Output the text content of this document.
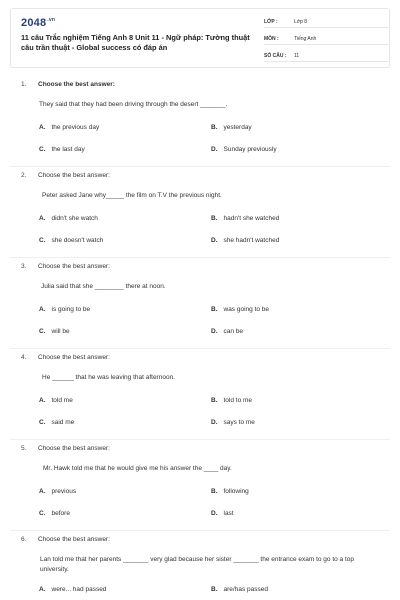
$2048^{.vn}$
11 câu Trắc nghiệm Tiếng Anh 8 Unit 11 - Ngữ pháp: Tường thuật câu trần thuật - Global success có đáp án
LỚP :	Lớp 8
MÔN :	Tiếng Anh
SỐ CÂU : 11
1. Choose the best answer:
They said that they had been driving through the desert _______.
A. the previous day	B. yesterday
C. the last day	D. Sunday previously
2. Choose the best answer:
Peter asked Jane why_____ the film on T.V the previous night.
A. didn't she watch	B. hadn't she watched
C. she doesn't watch	D. she hadn't watched
3. Choose the best answer:
Julia said that she ________ there at noon.
A. is going to be	B. was going to be
C. will be	D. can be
4. Choose the best answer:
He ______ that he was leaving that afternoon.
A. told me	B. told to me
C. said me	D. says to me
5. Choose the best answer:
Mr. Hawk told me that he would give me his answer the ____ day.
A. previous	B. following
C. before	D. last
6. Choose the best answer:
Lan told me that her parents _______ very glad because her sister _______ the entrance exam to go to a top university.
A. were... had passed	B. are/has passed
